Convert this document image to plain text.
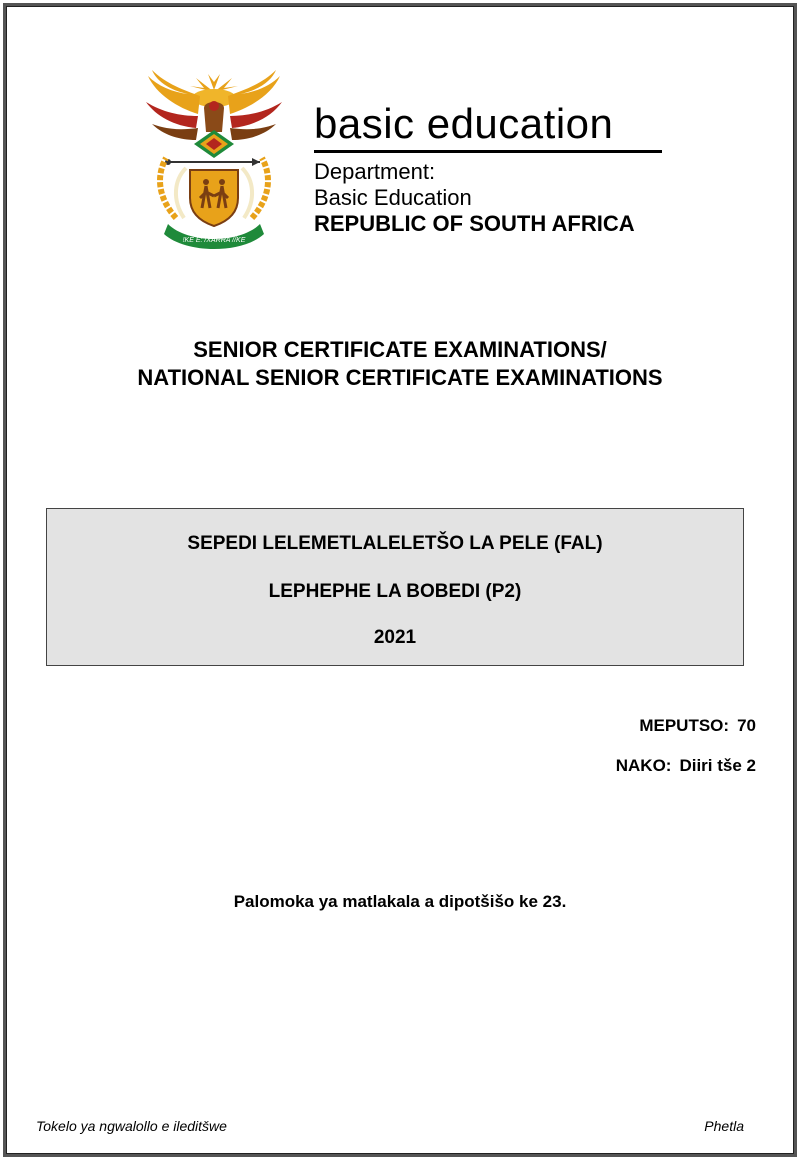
!KE E: /XARRA //KE
basic education
Department:
Basic Education
REPUBLIC OF SOUTH AFRICA
SENIOR CERTIFICATE EXAMINATIONS/
NATIONAL SENIOR CERTIFICATE EXAMINATIONS
SEPEDI LELEMETLALELETŠO LA PELE (FAL)
LEPHEPHE LA BOBEDI (P2)
2021
MEPUTSO: 70
NAKO: Diiri tše 2
Palomoka ya matlakala a dipotšišo ke 23.
Tokelo ya ngwalollo e ileditšwe	Phetla
